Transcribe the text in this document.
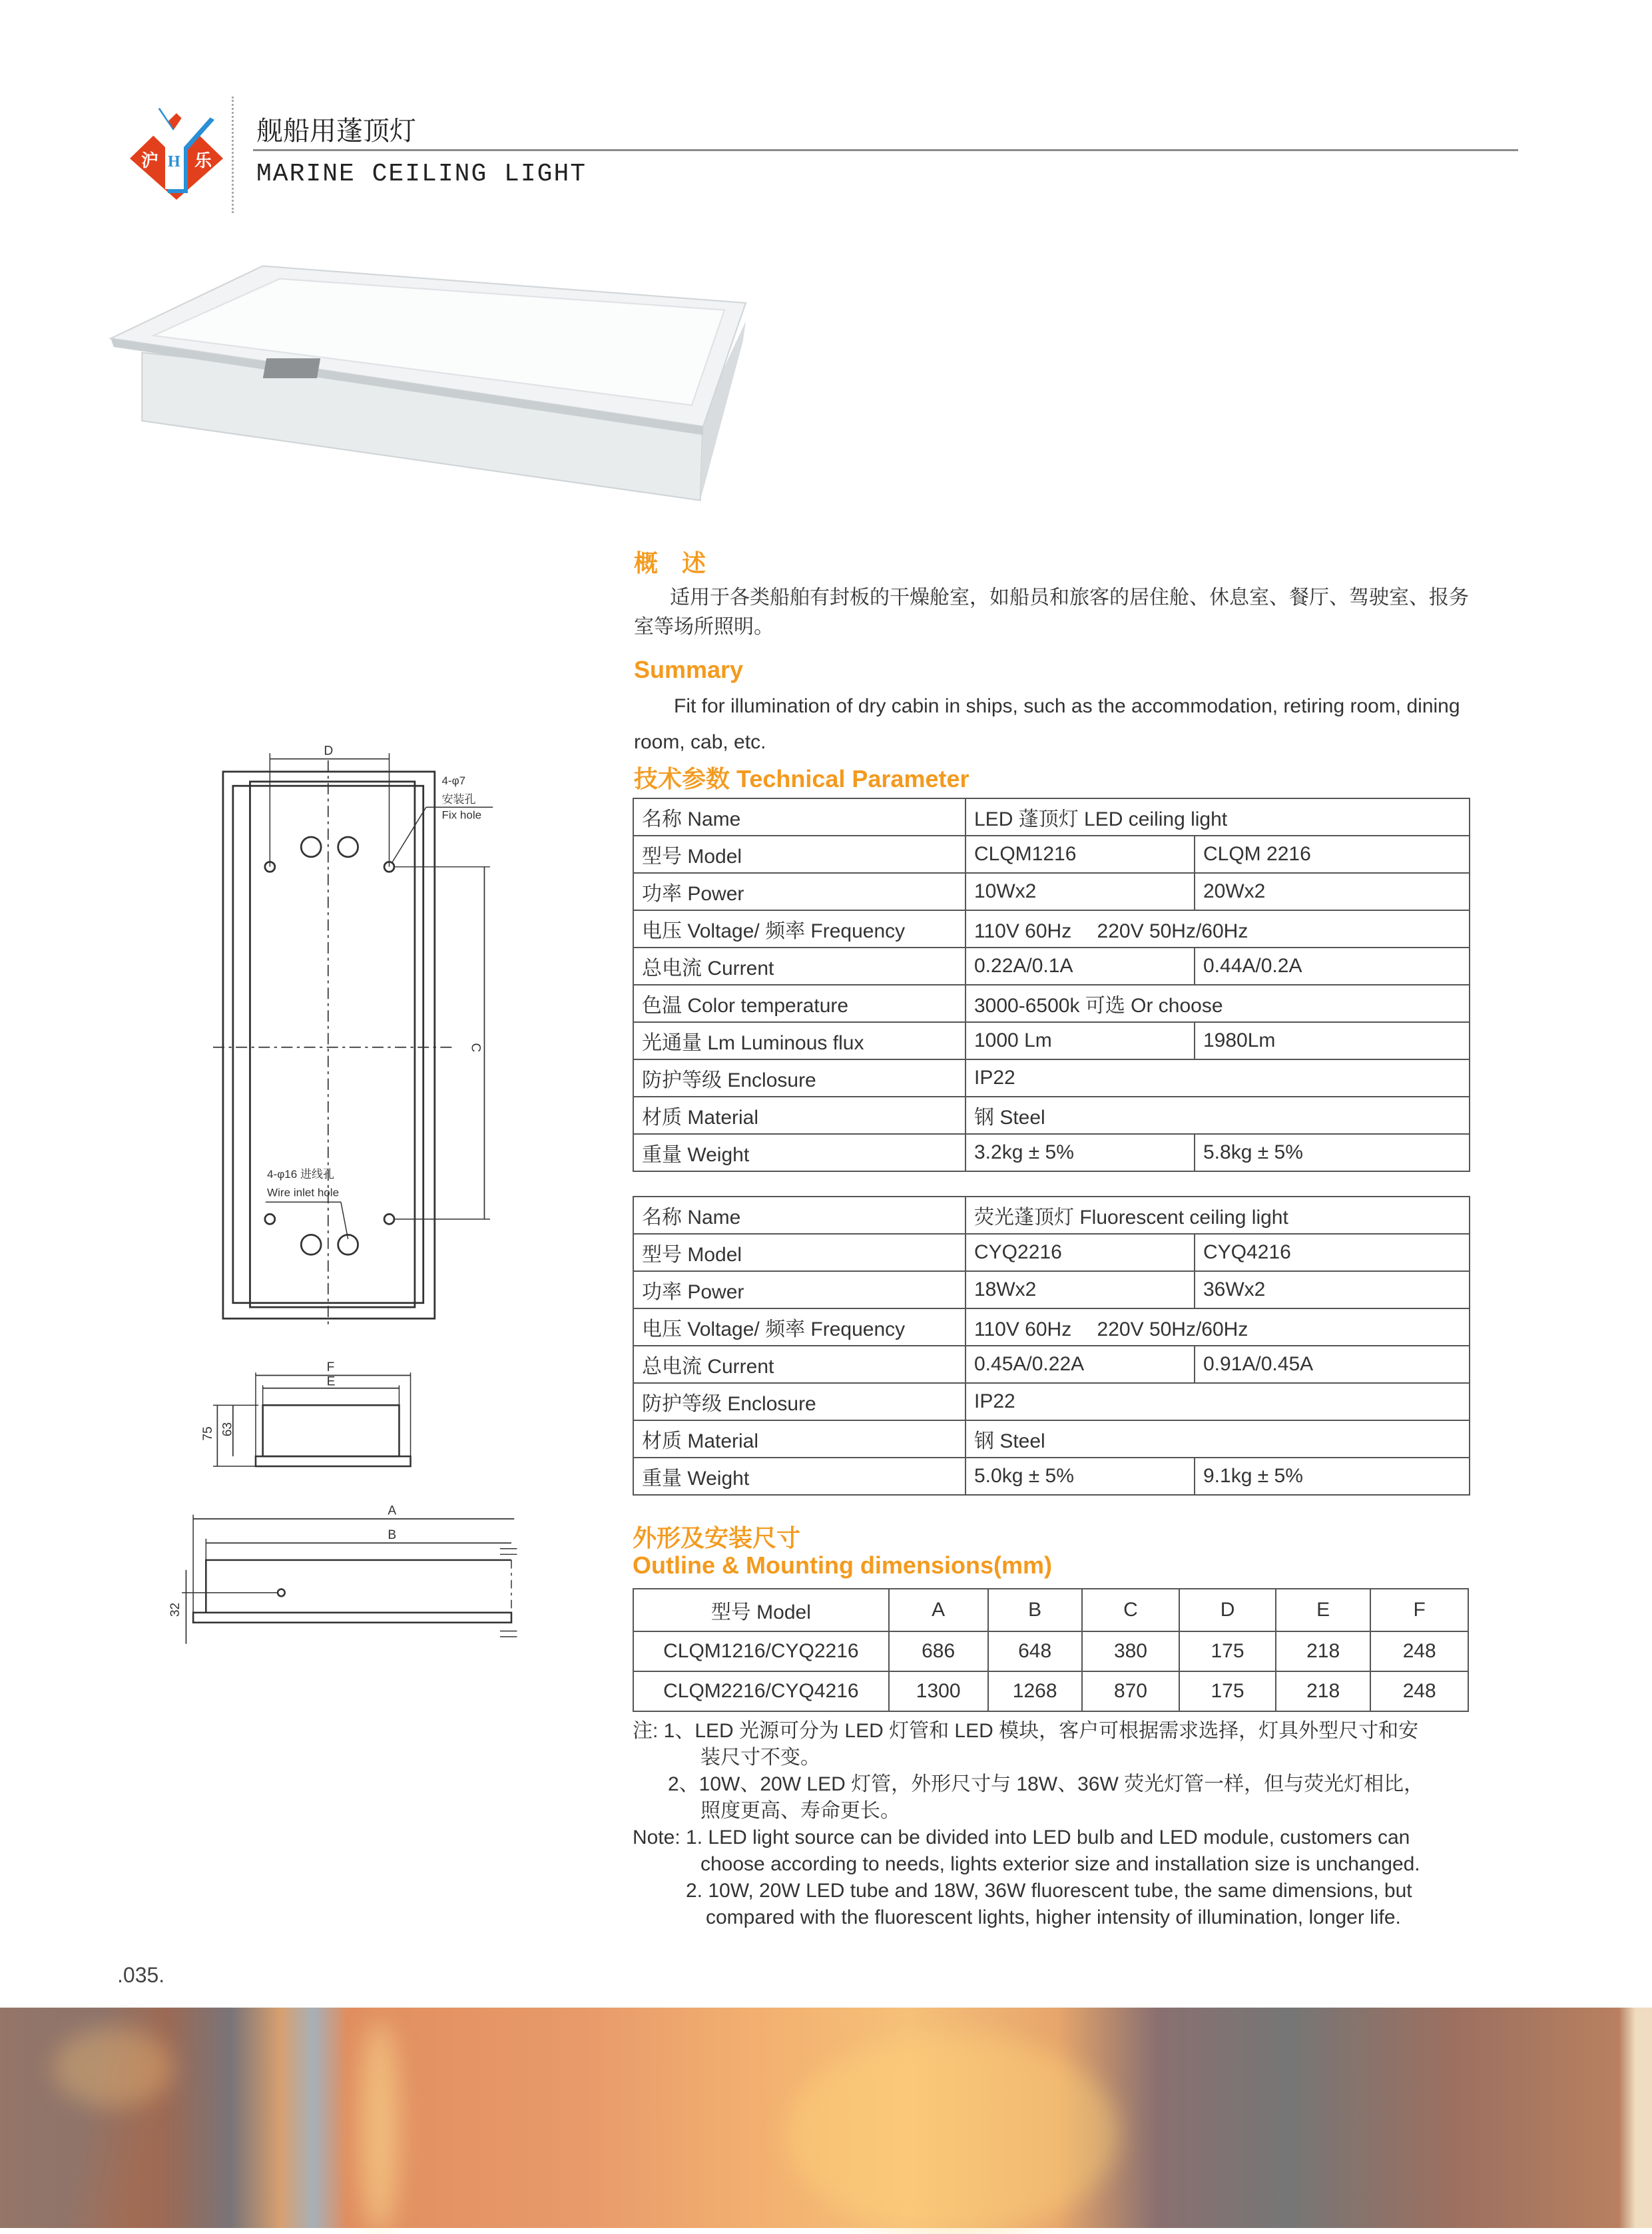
沪 H 乐
舰船用蓬顶灯
MARINE CEILING LIGHT
D
C
4-φ7
安装孔
Fix hole
4-φ16 进线孔
Wire inlet hole
F
E
75 63
A
B
32
概　述
适用于各类船舶有封板的干燥舱室，如船员和旅客的居住舱、休息室、餐厅、驾驶室、报务室等场所照明。
Summary
Fit for illumination of dry cabin in ships, such as the accommodation, retiring room, dining room, cab, etc.
技术参数 Technical Parameter
名称 Name	LED 蓬顶灯 LED ceiling light	
型号 Model	CLQM1216	CLQM 2216
功率 Power	10Wx2	20Wx2
电压 Voltage/ 频率 Frequency	110V 60Hz　 220V 50Hz/60Hz	
总电流 Current	0.22A/0.1A	0.44A/0.2A
色温 Color temperature	3000-6500k 可选 Or choose	
光通量 Lm Luminous flux	1000 Lm	1980Lm
防护等级 Enclosure	IP22	
材质 Material	钢 Steel	
重量 Weight	3.2kg ± 5%	5.8kg ± 5%
名称 Name	荧光蓬顶灯 Fluorescent ceiling light	
型号 Model	CYQ2216	CYQ4216
功率 Power	18Wx2	36Wx2
电压 Voltage/ 频率 Frequency	110V 60Hz　 220V 50Hz/60Hz	
总电流 Current	0.45A/0.22A	0.91A/0.45A
防护等级 Enclosure	IP22	
材质 Material	钢 Steel	
重量 Weight	5.0kg ± 5%	9.1kg ± 5%
外形及安装尺寸
Outline & Mounting dimensions(mm)
型号 Model	A	B	C	D	E	F
CLQM1216/CYQ2216	686	648	380	175	218	248
CLQM2216/CYQ4216	1300	1268	870	175	218	248
注: 1、LED 光源可分为 LED 灯管和 LED 模块，客户可根据需求选择，灯具外型尺寸和安
装尺寸不变。
2、10W、20W LED 灯管，外形尺寸与 18W、36W 荧光灯管一样，但与荧光灯相比，
照度更高、寿命更长。
Note: 1. LED light source can be divided into LED bulb and LED module, customers can
choose according to needs, lights exterior size and installation size is unchanged.
2. 10W, 20W LED tube and 18W, 36W fluorescent tube, the same dimensions, but
compared with the fluorescent lights, higher intensity of illumination, longer life.
.035.
